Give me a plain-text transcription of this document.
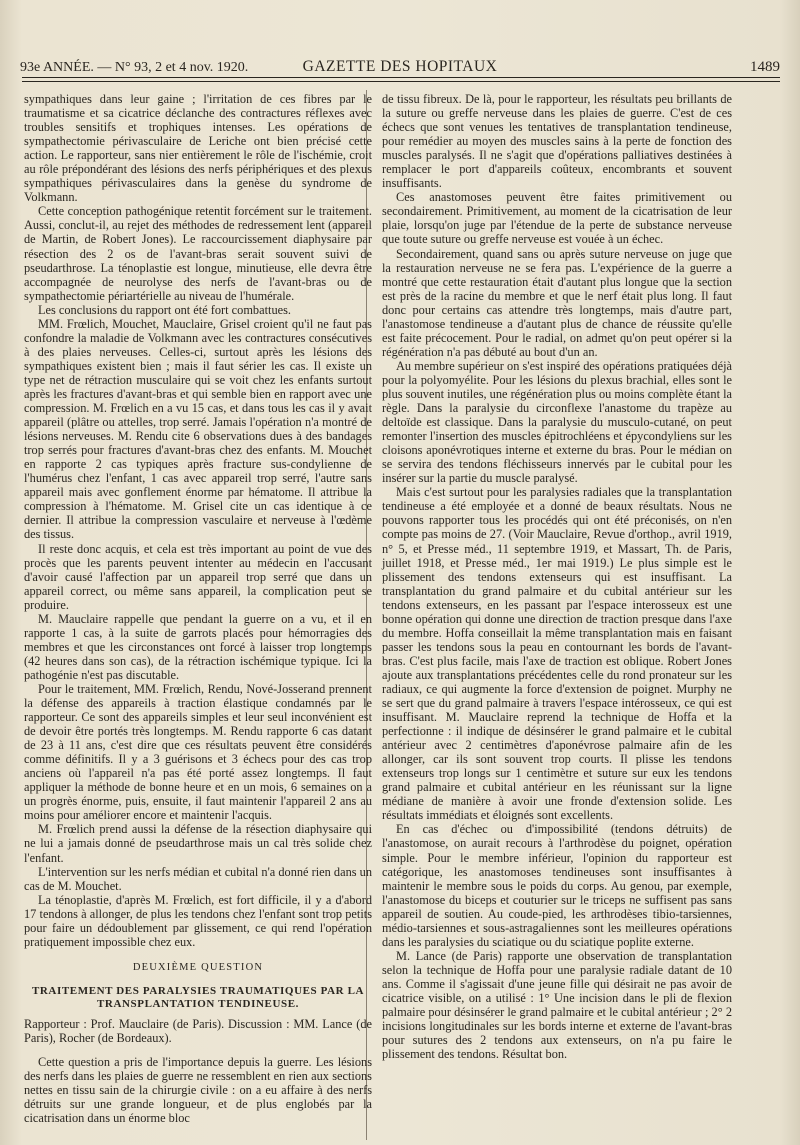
93e ANNÉE. — N° 93, 2 et 4 nov. 1920.	GAZETTE DES HOPITAUX	1489

sympathiques dans leur gaine ; l'irritation de ces fibres par le traumatisme et sa cicatrice déclanche des contractures réflexes avec troubles sensitifs et trophiques intenses. Les opérations de sympathectomie périvasculaire de Leriche ont bien précisé cette action. Le rapporteur, sans nier entièrement le rôle de l'ischémie, croit au rôle prépondérant des lésions des nerfs périphériques et des plexus sympathiques périvasculaires dans la genèse du syndrome de Volkmann.

Cette conception pathogénique retentit forcément sur le traitement. Aussi, conclut-il, au rejet des méthodes de redressement lent (appareil de Martin, de Robert Jones). Le raccourcissement diaphysaire par résection des 2 os de l'avant-bras serait souvent suivi de pseudarthrose. La ténoplastie est longue, minutieuse, elle devra être accompagnée de neurolyse des nerfs de l'avant-bras ou de sympathectomie périartérielle au niveau de l'humérale.

Les conclusions du rapport ont été fort combattues.

MM. Frœlich, Mouchet, Mauclaire, Grisel croient qu'il ne faut pas confondre la maladie de Volkmann avec les contractures consécutives à des plaies nerveuses. Celles-ci, surtout après les lésions des sympathiques existent bien ; mais il faut sérier les cas. Il existe un type net de rétraction musculaire qui se voit chez les enfants surtout après les fractures d'avant-bras et qui semble bien en rapport avec une compression. M. Frœlich en a vu 15 cas, et dans tous les cas il y avait appareil (plâtre ou attelles, trop serré. Jamais l'opération n'a montré de lésions nerveuses. M. Rendu cite 6 observations dues à des bandages trop serrés pour fractures d'avant-bras chez des enfants. M. Mouchet en rapporte 2 cas typiques après fracture sus-condylienne de l'humérus chez l'enfant, 1 cas avec appareil trop serré, l'autre sans appareil mais avec gonflement énorme par hématome. Il attribue la compression à l'hématome. M. Grisel cite un cas identique à ce dernier. Il attribue la compression vasculaire et nerveuse à l'œdème des tissus.

Il reste donc acquis, et cela est très important au point de vue des procès que les parents peuvent intenter au médecin en l'accusant d'avoir causé l'affection par un appareil trop serré que dans un appareil correct, ou même sans appareil, la complication peut se produire.

M. Mauclaire rappelle que pendant la guerre on a vu, et il en rapporte 1 cas, à la suite de garrots placés pour hémorragies des membres et que les circonstances ont forcé à laisser trop longtemps (42 heures dans son cas), de la rétraction ischémique typique. Ici la pathogénie n'est pas discutable.

Pour le traitement, MM. Frœlich, Rendu, Nové-Josserand prennent la défense des appareils à traction élastique condamnés par le rapporteur. Ce sont des appareils simples et leur seul inconvénient est de devoir être portés très longtemps. M. Rendu rapporte 6 cas datant de 23 à 11 ans, c'est dire que ces résultats peuvent être considérés comme définitifs. Il y a 3 guérisons et 3 échecs pour des cas trop anciens où l'appareil n'a pas été porté assez longtemps. Il faut appliquer la méthode de bonne heure et en un mois, 6 semaines on a un progrès énorme, puis, ensuite, il faut maintenir l'appareil 2 ans au moins pour améliorer encore et maintenir l'acquis.

M. Frœlich prend aussi la défense de la résection diaphysaire qui ne lui a jamais donné de pseudarthrose mais un cal très solide chez l'enfant.

L'intervention sur les nerfs médian et cubital n'a donné rien dans un cas de M. Mouchet.

La ténoplastie, d'après M. Frœlich, est fort difficile, il y a d'abord 17 tendons à allonger, de plus les tendons chez l'enfant sont trop petits pour faire un dédoublement par glissement, ce qui rend l'opération pratiquement impossible chez eux.

DEUXIÈME QUESTION

TRAITEMENT DES PARALYSIES TRAUMATIQUES PAR LA TRANSPLANTATION TENDINEUSE.

Rapporteur : Prof. Mauclaire (de Paris). Discussion : MM. Lance (de Paris), Rocher (de Bordeaux).

Cette question a pris de l'importance depuis la guerre. Les lésions des nerfs dans les plaies de guerre ne ressemblent en rien aux sections nettes en tissu sain de la chirurgie civile : on a eu affaire à des nerfs détruits sur une grande longueur, et de plus englobés par la cicatrisation dans un énorme bloc

de tissu fibreux. De là, pour le rapporteur, les résultats peu brillants de la suture ou greffe nerveuse dans les plaies de guerre. C'est de ces échecs que sont venues les tentatives de transplantation tendineuse, pour remédier au moyen des muscles sains à la perte de fonction des muscles paralysés. Il ne s'agit que d'opérations palliatives destinées à remplacer le port d'appareils coûteux, encombrants et souvent insuffisants.

Ces anastomoses peuvent être faites primitivement ou secondairement. Primitivement, au moment de la cicatrisation de leur plaie, lorsqu'on juge par l'étendue de la perte de substance nerveuse que toute suture ou greffe nerveuse est vouée à un échec.

Secondairement, quand sans ou après suture nerveuse on juge que la restauration nerveuse ne se fera pas. L'expérience de la guerre a montré que cette restauration était d'autant plus longue que la section est près de la racine du membre et que le nerf était plus long. Il faut donc pour certains cas attendre très longtemps, mais d'autre part, l'anastomose tendineuse a d'autant plus de chance de réussite qu'elle est faite précocement. Pour le radial, on admet qu'on peut opérer si la régénération n'a pas débuté au bout d'un an.

Au membre supérieur on s'est inspiré des opérations pratiquées déjà pour la polyomyélite. Pour les lésions du plexus brachial, elles sont le plus souvent inutiles, une régénération plus ou moins complète étant la règle. Dans la paralysie du circonflexe l'anastome du trapèze au deltoïde est classique. Dans la paralysie du musculo-cutané, on peut remonter l'insertion des muscles épitrochléens et épycondyliens sur les cloisons aponévrotiques interne et externe du bras. Pour le médian on se servira des tendons fléchisseurs innervés par le cubital pour les insérer sur la partie du muscle paralysé.

Mais c'est surtout pour les paralysies radiales que la transplantation tendineuse a été employée et a donné de beaux résultats. Nous ne pouvons rapporter tous les procédés qui ont été préconisés, on n'en compte pas moins de 27. (Voir Mauclaire, Revue d'orthop., avril 1919, n° 5, et Presse méd., 11 septembre 1919, et Massart, Th. de Paris, juillet 1918, et Presse méd., 1er mai 1919.) Le plus simple est le plissement des tendons extenseurs qui est insuffisant. La transplantation du grand palmaire et du cubital antérieur sur les tendons extenseurs, en les passant par l'espace interosseux est une bonne opération qui donne une direction de traction presque dans l'axe du membre. Hoffa conseillait la même transplantation mais en faisant passer les tendons sous la peau en contournant les bords de l'avant-bras. C'est plus facile, mais l'axe de traction est oblique. Robert Jones ajoute aux transplantations précédentes celle du rond pronateur sur les radiaux, ce qui augmente la force d'extension de poignet. Murphy ne se sert que du grand palmaire à travers l'espace intérosseux, ce qui est insuffisant. M. Mauclaire reprend la technique de Hoffa et la perfectionne : il indique de désinsérer le grand palmaire et le cubital antérieur avec 2 centimètres d'aponévrose palmaire afin de les allonger, car ils sont souvent trop courts. Il plisse les tendons extenseurs trop longs sur 1 centimètre et suture sur eux les tendons grand palmaire et cubital antérieur en les réunissant sur la ligne médiane de manière à avoir une fronde d'extension solide. Les résultats immédiats et éloignés sont excellents.

En cas d'échec ou d'impossibilité (tendons détruits) de l'anastomose, on aurait recours à l'arthrodèse du poignet, opération simple. Pour le membre inférieur, l'opinion du rapporteur est catégorique, les anastomoses tendineuses sont insuffisantes à maintenir le membre sous le poids du corps. Au genou, par exemple, l'anastomose du biceps et couturier sur le triceps ne suffisent pas sans appareil de soutien. Au coude-pied, les arthrodèses tibio-tarsiennes, médio-tarsiennes et sous-astragaliennes sont les meilleures opérations dans les paralysies du sciatique ou du sciatique poplite externe.

M. Lance (de Paris) rapporte une observation de transplantation selon la technique de Hoffa pour une paralysie radiale datant de 10 ans. Comme il s'agissait d'une jeune fille qui désirait ne pas avoir de cicatrice visible, on a utilisé : 1° Une incision dans le pli de flexion palmaire pour désinsérer le grand palmaire et le cubital antérieur ; 2° 2 incisions longitudinales sur les bords interne et externe de l'avant-bras pour sutures des 2 tendons aux extenseurs, on n'a pu faire le plissement des tendons. Résultat bon.
